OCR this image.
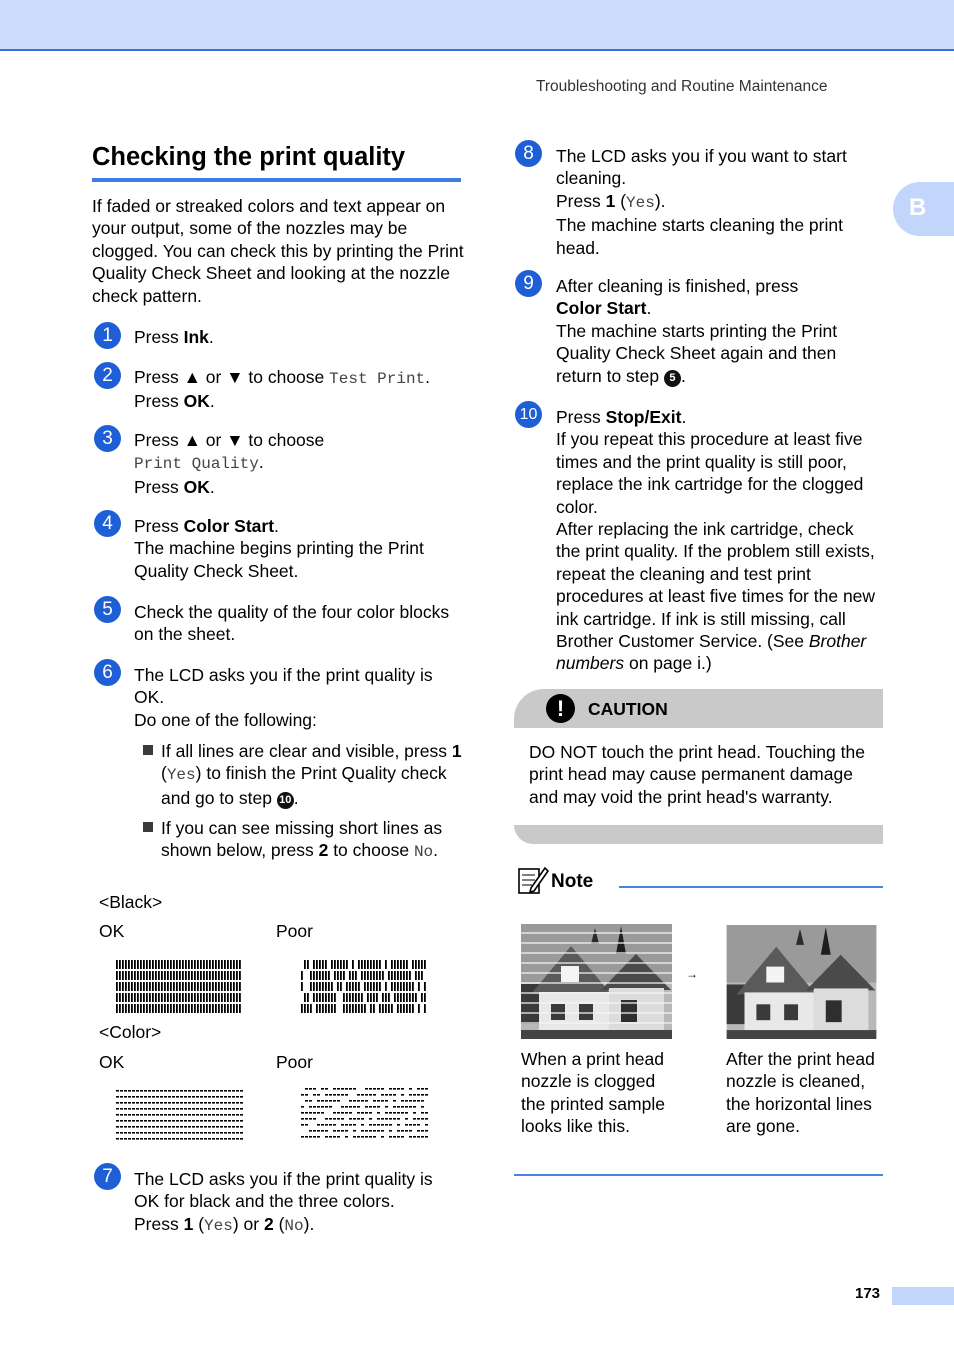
Troubleshooting and Routine Maintenance
B
Checking the print quality
If faded or streaked colors and text appear on your output, some of the nozzles may be clogged. You can check this by printing the Print Quality Check Sheet and looking at the nozzle check pattern.
1	Press Ink.
2	Press ▲ or ▼ to choose Test Print.
Press OK.
3	Press ▲ or ▼ to choose
Print Quality.
Press OK.
4	Press Color Start.
The machine begins printing the Print Quality Check Sheet.
5	Check the quality of the four color blocks on the sheet.
6	The LCD asks you if the print quality is OK.
Do one of the following:
If all lines are clear and visible, press 1 (Yes) to finish the Print Quality check and go to step 10 .
If you can see missing short lines as shown below, press 2 to choose No.
<Black>
OK	Poor
<Color>
OK	Poor
7	The LCD asks you if the print quality is OK for black and the three colors.
Press 1 (Yes) or 2 (No).
8	The LCD asks you if you want to start cleaning.
Press 1 (Yes).
The machine starts cleaning the print head.
9	After cleaning is finished, press
Color Start.
The machine starts printing the Print Quality Check Sheet again and then return to step 5 .
10 Press Stop/Exit.
If you repeat this procedure at least five times and the print quality is still poor, replace the ink cartridge for the clogged color.
After replacing the ink cartridge, check the print quality. If the problem still exists, repeat the cleaning and test print procedures at least five times for the new ink cartridge. If ink is still missing, call Brother Customer Service. (See Brother numbers on page i.)
!	CAUTION
DO NOT touch the print head. Touching the print head may cause permanent damage and may void the print head's warranty.
Note
→
When a print head nozzle is clogged the printed sample looks like this.
After the print head nozzle is cleaned, the horizontal lines are gone.
173
